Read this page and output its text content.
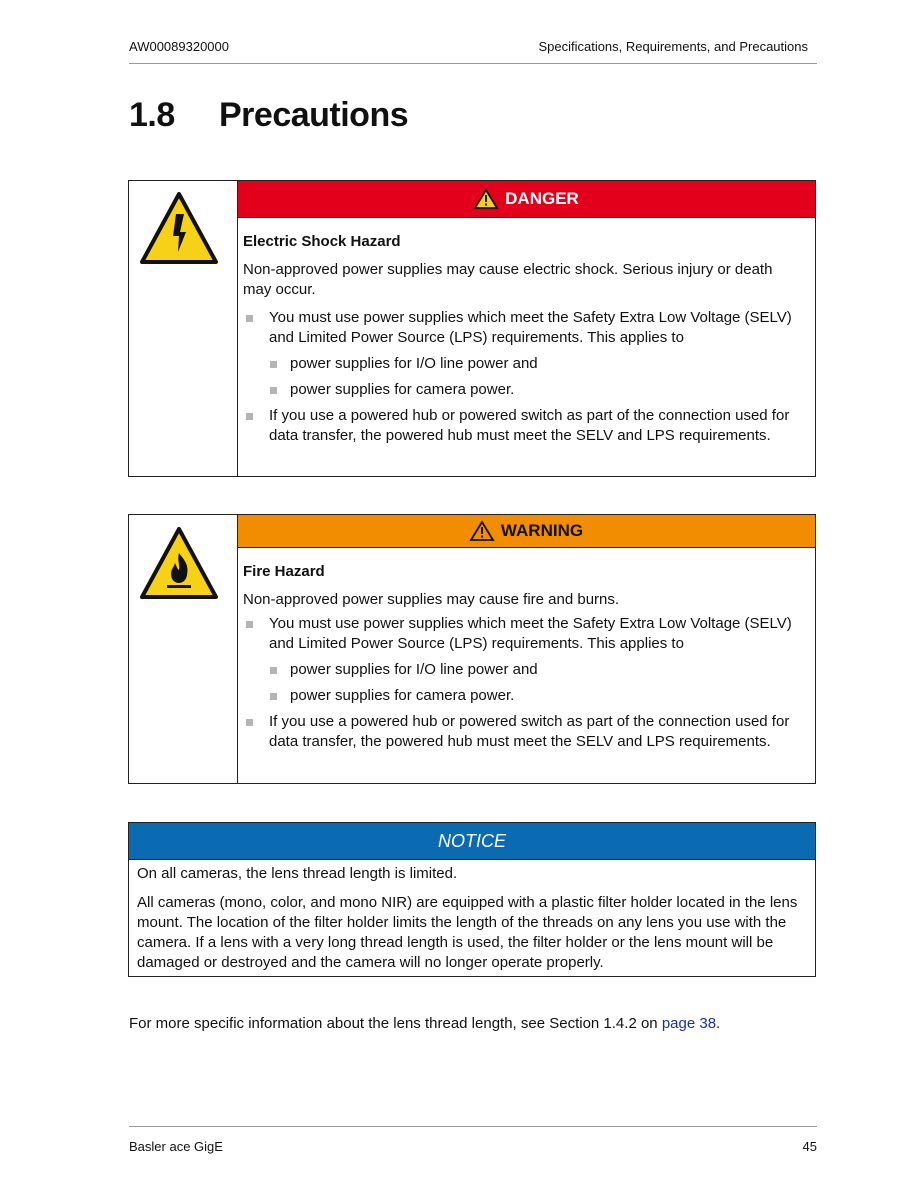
AW00089320000	Specifications, Requirements, and Precautions
1.8 Precautions
DANGER
Electric Shock Hazard

Non-approved power supplies may cause electric shock. Serious injury or death may occur.

You must use power supplies which meet the Safety Extra Low Voltage (SELV) and Limited Power Source (LPS) requirements. This applies to
power supplies for I/O line power and
power supplies for camera power.
If you use a powered hub or powered switch as part of the connection used for data transfer, the powered hub must meet the SELV and LPS requirements.
WARNING
Fire Hazard

Non-approved power supplies may cause fire and burns.

You must use power supplies which meet the Safety Extra Low Voltage (SELV) and Limited Power Source (LPS) requirements. This applies to
power supplies for I/O line power and
power supplies for camera power.
If you use a powered hub or powered switch as part of the connection used for data transfer, the powered hub must meet the SELV and LPS requirements.
NOTICE

On all cameras, the lens thread length is limited.

All cameras (mono, color, and mono NIR) are equipped with a plastic filter holder located in the lens mount. The location of the filter holder limits the length of the threads on any lens you use with the camera. If a lens with a very long thread length is used, the filter holder or the lens mount will be damaged or destroyed and the camera will no longer operate properly.

For more specific information about the lens thread length, see Section 1.4.2 on page 38.
Basler ace GigE	45
